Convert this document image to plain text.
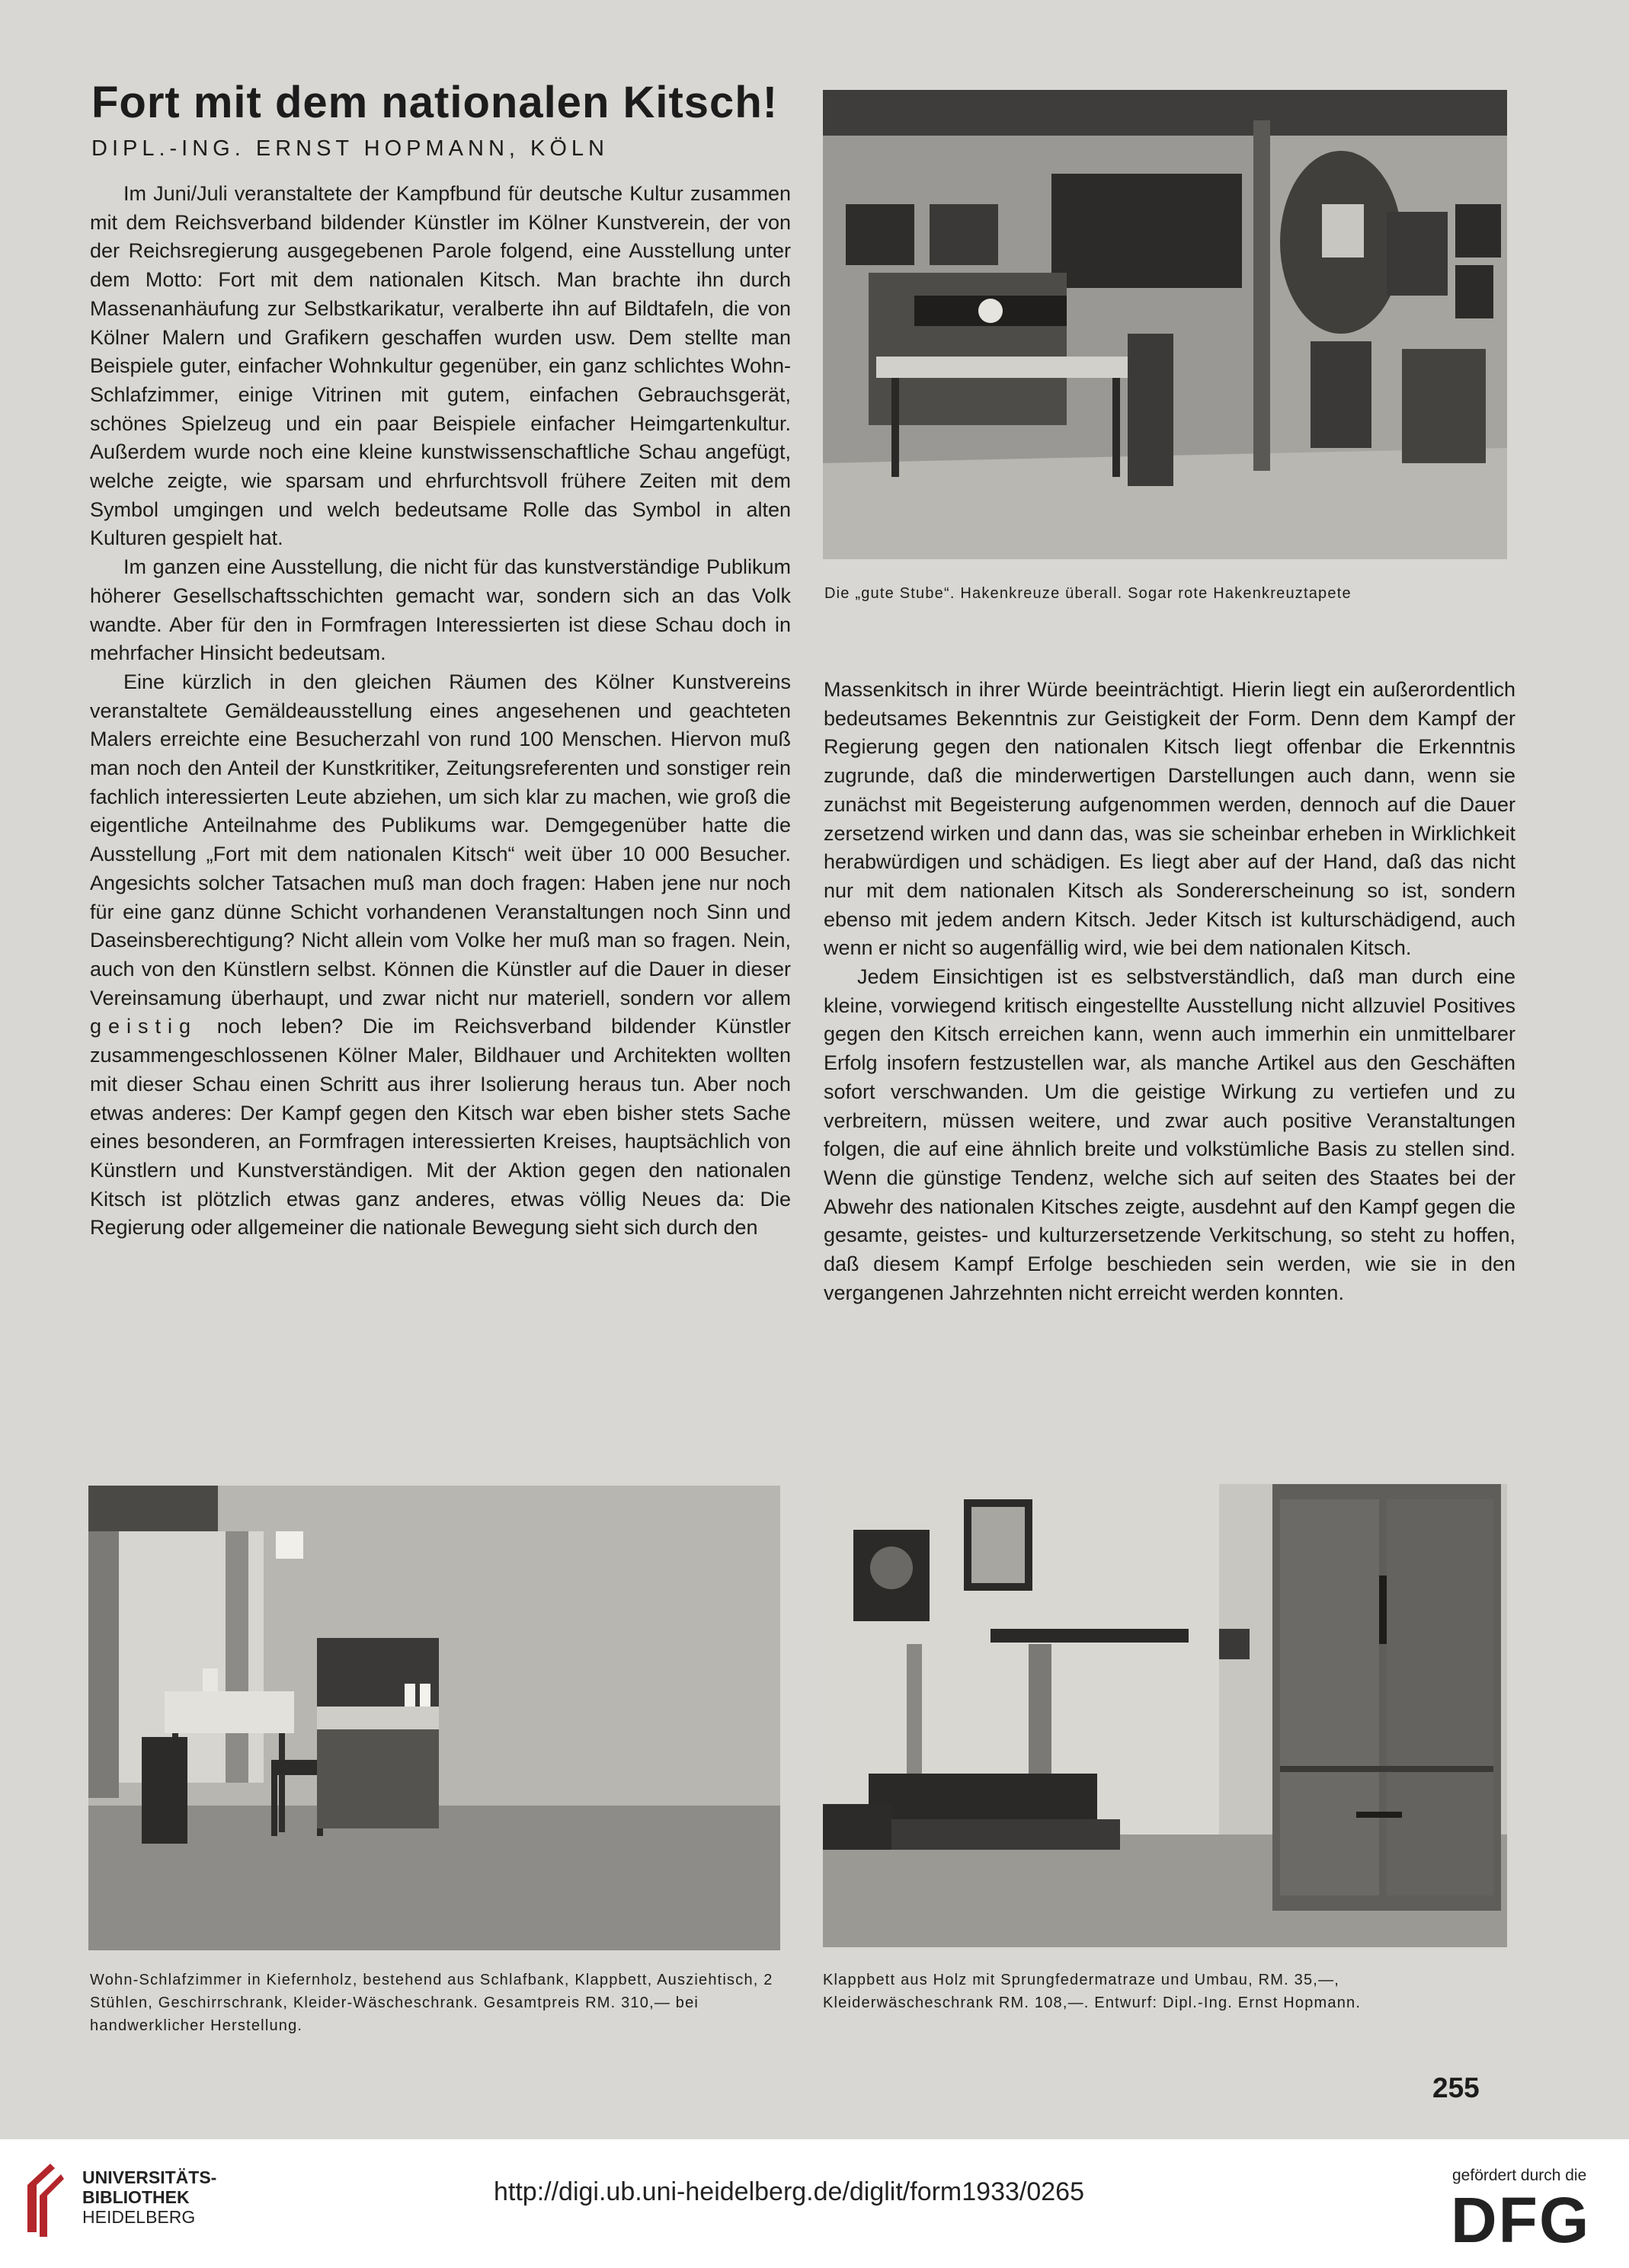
Fort mit dem nationalen Kitsch!

DIPL.-ING. ERNST HOPMANN, KÖLN

Im Juni/Juli veranstaltete der Kampfbund für deutsche Kultur zusammen mit dem Reichsverband bildender Künstler im Kölner Kunstverein, der von der Reichsregierung ausgegebenen Parole folgend, eine Ausstellung unter dem Motto: Fort mit dem nationalen Kitsch. Man brachte ihn durch Massenanhäufung zur Selbstkarikatur, veralberte ihn auf Bildtafeln, die von Kölner Malern und Grafikern geschaffen wurden usw. Dem stellte man Beispiele guter, einfacher Wohnkultur gegenüber, ein ganz schlichtes Wohn-Schlafzimmer, einige Vitrinen mit gutem, einfachen Gebrauchsgerät, schönes Spielzeug und ein paar Beispiele einfacher Heimgartenkultur. Außerdem wurde noch eine kleine kunstwissenschaftliche Schau angefügt, welche zeigte, wie sparsam und ehrfurchtsvoll frühere Zeiten mit dem Symbol umgingen und welch bedeutsame Rolle das Symbol in alten Kulturen gespielt hat.

Im ganzen eine Ausstellung, die nicht für das kunstverständige Publikum höherer Gesellschaftsschichten gemacht war, sondern sich an das Volk wandte. Aber für den in Formfragen Interessierten ist diese Schau doch in mehrfacher Hinsicht bedeutsam.

Eine kürzlich in den gleichen Räumen des Kölner Kunstvereins veranstaltete Gemäldeausstellung eines angesehenen und geachteten Malers erreichte eine Besucherzahl von rund 100 Menschen. Hiervon muß man noch den Anteil der Kunstkritiker, Zeitungsreferenten und sonstiger rein fachlich interessierten Leute abziehen, um sich klar zu machen, wie groß die eigentliche Anteilnahme des Publikums war. Demgegenüber hatte die Ausstellung „Fort mit dem nationalen Kitsch“ weit über 10 000 Besucher. Angesichts solcher Tatsachen muß man doch fragen: Haben jene nur noch für eine ganz dünne Schicht vorhandenen Veranstaltungen noch Sinn und Daseinsberechtigung? Nicht allein vom Volke her muß man so fragen. Nein, auch von den Künstlern selbst. Können die Künstler auf die Dauer in dieser Vereinsamung überhaupt, und zwar nicht nur materiell, sondern vor allem geistig noch leben? Die im Reichsverband bildender Künstler zusammengeschlossenen Kölner Maler, Bildhauer und Architekten wollten mit dieser Schau einen Schritt aus ihrer Isolierung heraus tun. Aber noch etwas anderes: Der Kampf gegen den Kitsch war eben bisher stets Sache eines besonderen, an Formfragen interessierten Kreises, hauptsächlich von Künstlern und Kunstverständigen. Mit der Aktion gegen den nationalen Kitsch ist plötzlich etwas ganz anderes, etwas völlig Neues da: Die Regierung oder allgemeiner die nationale Bewegung sieht sich durch den

Die „gute Stube“. Hakenkreuze überall. Sogar rote Hakenkreuztapete

Massenkitsch in ihrer Würde beeinträchtigt. Hierin liegt ein außerordentlich bedeutsames Bekenntnis zur Geistigkeit der Form. Denn dem Kampf der Regierung gegen den nationalen Kitsch liegt offenbar die Erkenntnis zugrunde, daß die minderwertigen Darstellungen auch dann, wenn sie zunächst mit Begeisterung aufgenommen werden, dennoch auf die Dauer zersetzend wirken und dann das, was sie scheinbar erheben in Wirklichkeit herabwürdigen und schädigen. Es liegt aber auf der Hand, daß das nicht nur mit dem nationalen Kitsch als Sondererscheinung so ist, sondern ebenso mit jedem andern Kitsch. Jeder Kitsch ist kulturschädigend, auch wenn er nicht so augenfällig wird, wie bei dem nationalen Kitsch.

Jedem Einsichtigen ist es selbstverständlich, daß man durch eine kleine, vorwiegend kritisch eingestellte Ausstellung nicht allzuviel Positives gegen den Kitsch erreichen kann, wenn auch immerhin ein unmittelbarer Erfolg insofern festzustellen war, als manche Artikel aus den Geschäften sofort verschwanden. Um die geistige Wirkung zu vertiefen und zu verbreitern, müssen weitere, und zwar auch positive Veranstaltungen folgen, die auf eine ähnlich breite und volkstümliche Basis zu stellen sind. Wenn die günstige Tendenz, welche sich auf seiten des Staates bei der Abwehr des nationalen Kitsches zeigte, ausdehnt auf den Kampf gegen die gesamte, geistes- und kulturzersetzende Verkitschung, so steht zu hoffen, daß diesem Kampf Erfolge beschieden sein werden, wie sie in den vergangenen Jahrzehnten nicht erreicht werden konnten.

Wohn-Schlafzimmer in Kiefernholz, bestehend aus Schlafbank, Klappbett, Ausziehtisch, 2 Stühlen, Geschirrschrank, Kleider-Wäscheschrank. Gesamtpreis RM. 310,— bei handwerklicher Herstellung.

Klappbett aus Holz mit Sprungfedermatraze und Umbau, RM. 35,—, Kleiderwäscheschrank RM. 108,—. Entwurf: Dipl.-Ing. Ernst Hopmann.

255

UNIVERSITÄTS-
BIBLIOTHEK
HEIDELBERG

http://digi.ub.uni-heidelberg.de/diglit/form1933/0265

gefördert durch die

DFG
